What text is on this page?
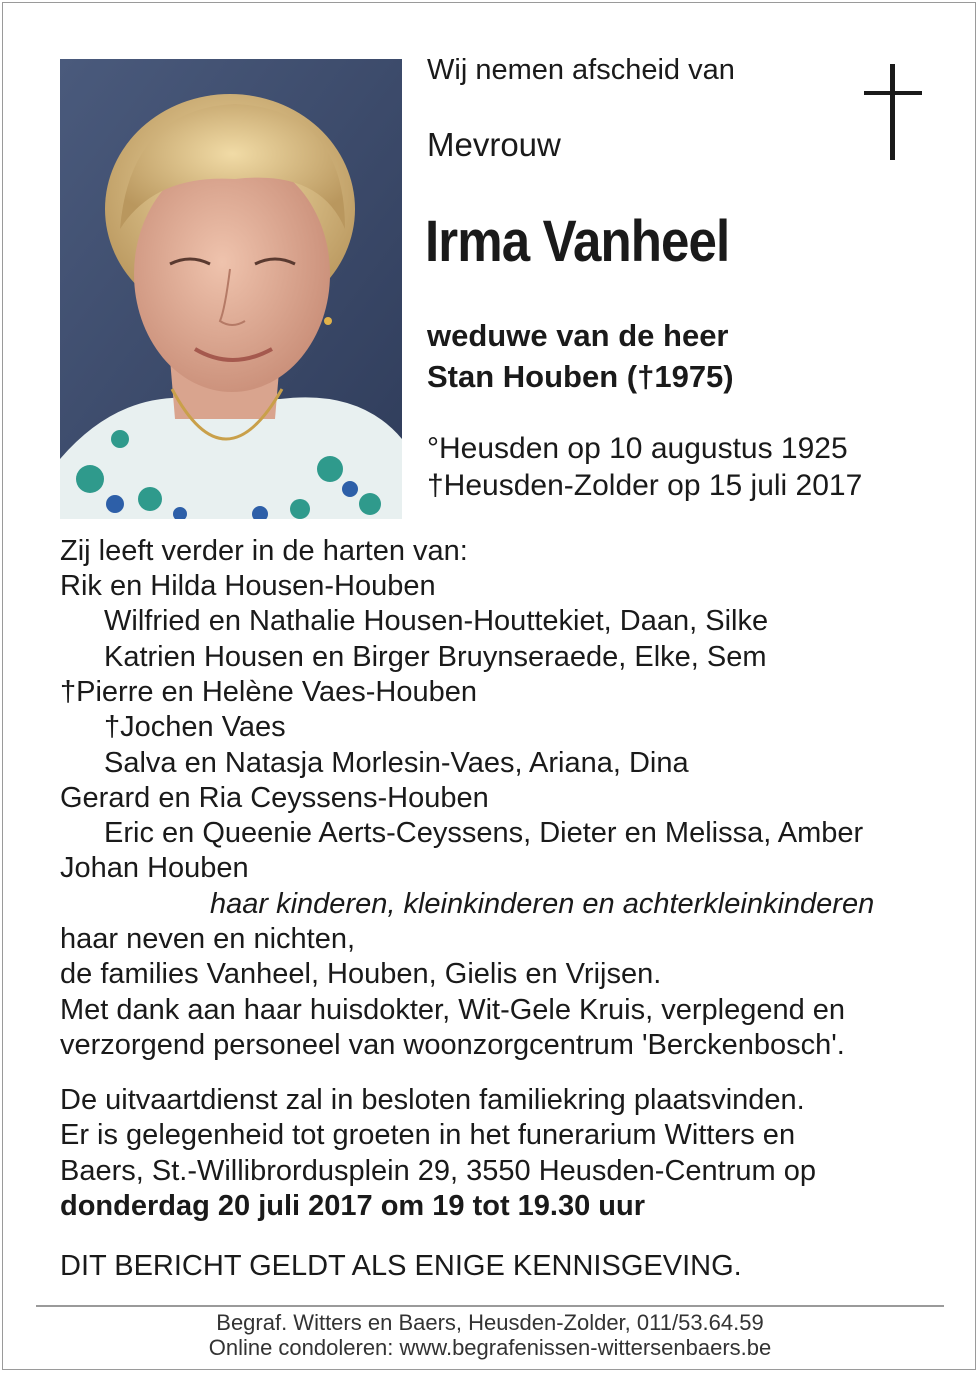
Wij nemen afscheid van
Mevrouw
Irma Vanheel
weduwe van de heer
Stan Houben (†1975)
°Heusden op 10 augustus 1925
†Heusden-Zolder op 15 juli 2017
Zij leeft verder in de harten van:
Rik en Hilda Housen-Houben
Wilfried en Nathalie Housen-Houttekiet, Daan, Silke
Katrien Housen en Birger Bruynseraede, Elke, Sem
†Pierre en Helène Vaes-Houben
†Jochen Vaes
Salva en Natasja Morlesin-Vaes, Ariana, Dina
Gerard en Ria Ceyssens-Houben
Eric en Queenie Aerts-Ceyssens, Dieter en Melissa, Amber
Johan Houben
haar kinderen, kleinkinderen en achterkleinkinderen
haar neven en nichten,
de families Vanheel, Houben, Gielis en Vrijsen.
Met dank aan haar huisdokter, Wit-Gele Kruis, verplegend en
verzorgend personeel van woonzorgcentrum 'Berckenbosch'.
De uitvaartdienst zal in besloten familiekring plaatsvinden.
Er is gelegenheid tot groeten in het funerarium Witters en
Baers, St.-Willibrordusplein 29, 3550 Heusden-Centrum op
donderdag 20 juli 2017 om 19 tot 19.30 uur
DIT BERICHT GELDT ALS ENIGE KENNISGEVING.
Begraf. Witters en Baers, Heusden-Zolder, 011/53.64.59
Online condoleren: www.begrafenissen-wittersenbaers.be
